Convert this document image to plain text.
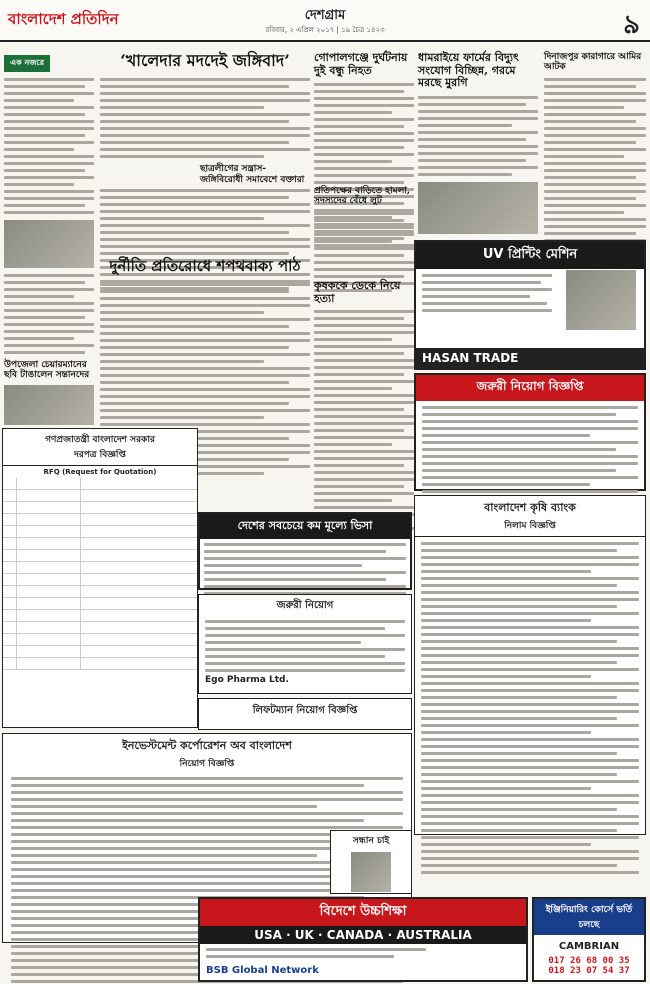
বাংলাদেশ প্রতিদিন	দেশগ্রাম
রবিবার, ২ এপ্রিল ২০১৭ | ১৯ চৈত্র ১৪২৩	৯
এক নজরে
উপজেলা চেয়ারম্যানের ছবি টাঙালেন সন্তানদের
‘খালেদার মদদেই জঙ্গিবাদ’
ছাত্রলীগের সন্ত্রাস-জঙ্গিবিরোধী সমাবেশে বক্তারা
দুর্নীতি প্রতিরোধে শপথবাক্য পাঠ
গোপালগঞ্জে দুর্ঘটনায় দুই বন্ধু নিহত
ধামরাইয়ে ফার্মের বিদ্যুৎ সংযোগ বিচ্ছিন্ন, গরমে মরছে মুরগি
দিনাজপুর কারাগারে আমির আটক
প্রতিপক্ষের বাড়িতে হামলা, সদস্যদের বেঁধে লুট
কৃষককে ডেকে নিয়ে হত্যা
UV প্রিন্টিং মেশিন
HASAN TRADE
জরুরী নিয়োগ বিজ্ঞপ্তি
গণপ্রজাতন্ত্রী বাংলাদেশ সরকার
দরপত্র বিজ্ঞপ্তি
RFQ (Request for Quotation)
দেশের সবচেয়ে কম মূল্যে ভিসা
জরুরী নিয়োগ
Ego Pharma Ltd.
লিফটম্যান নিয়োগ বিজ্ঞপ্তি
বাংলাদেশ কৃষি ব্যাংক
নিলাম বিজ্ঞপ্তি
ইনভেস্টমেন্ট কর্পোরেশন অব বাংলাদেশ
নিয়োগ বিজ্ঞপ্তি
সন্ধান চাই
বিদেশে উচ্চশিক্ষা
USA · UK · CANADA · AUSTRALIA
BSB Global Network
ইঞ্জিনিয়ারিং কোর্সে ভর্তি চলছে
CAMBRIAN
017 26 68 00 35
018 23 07 54 37
